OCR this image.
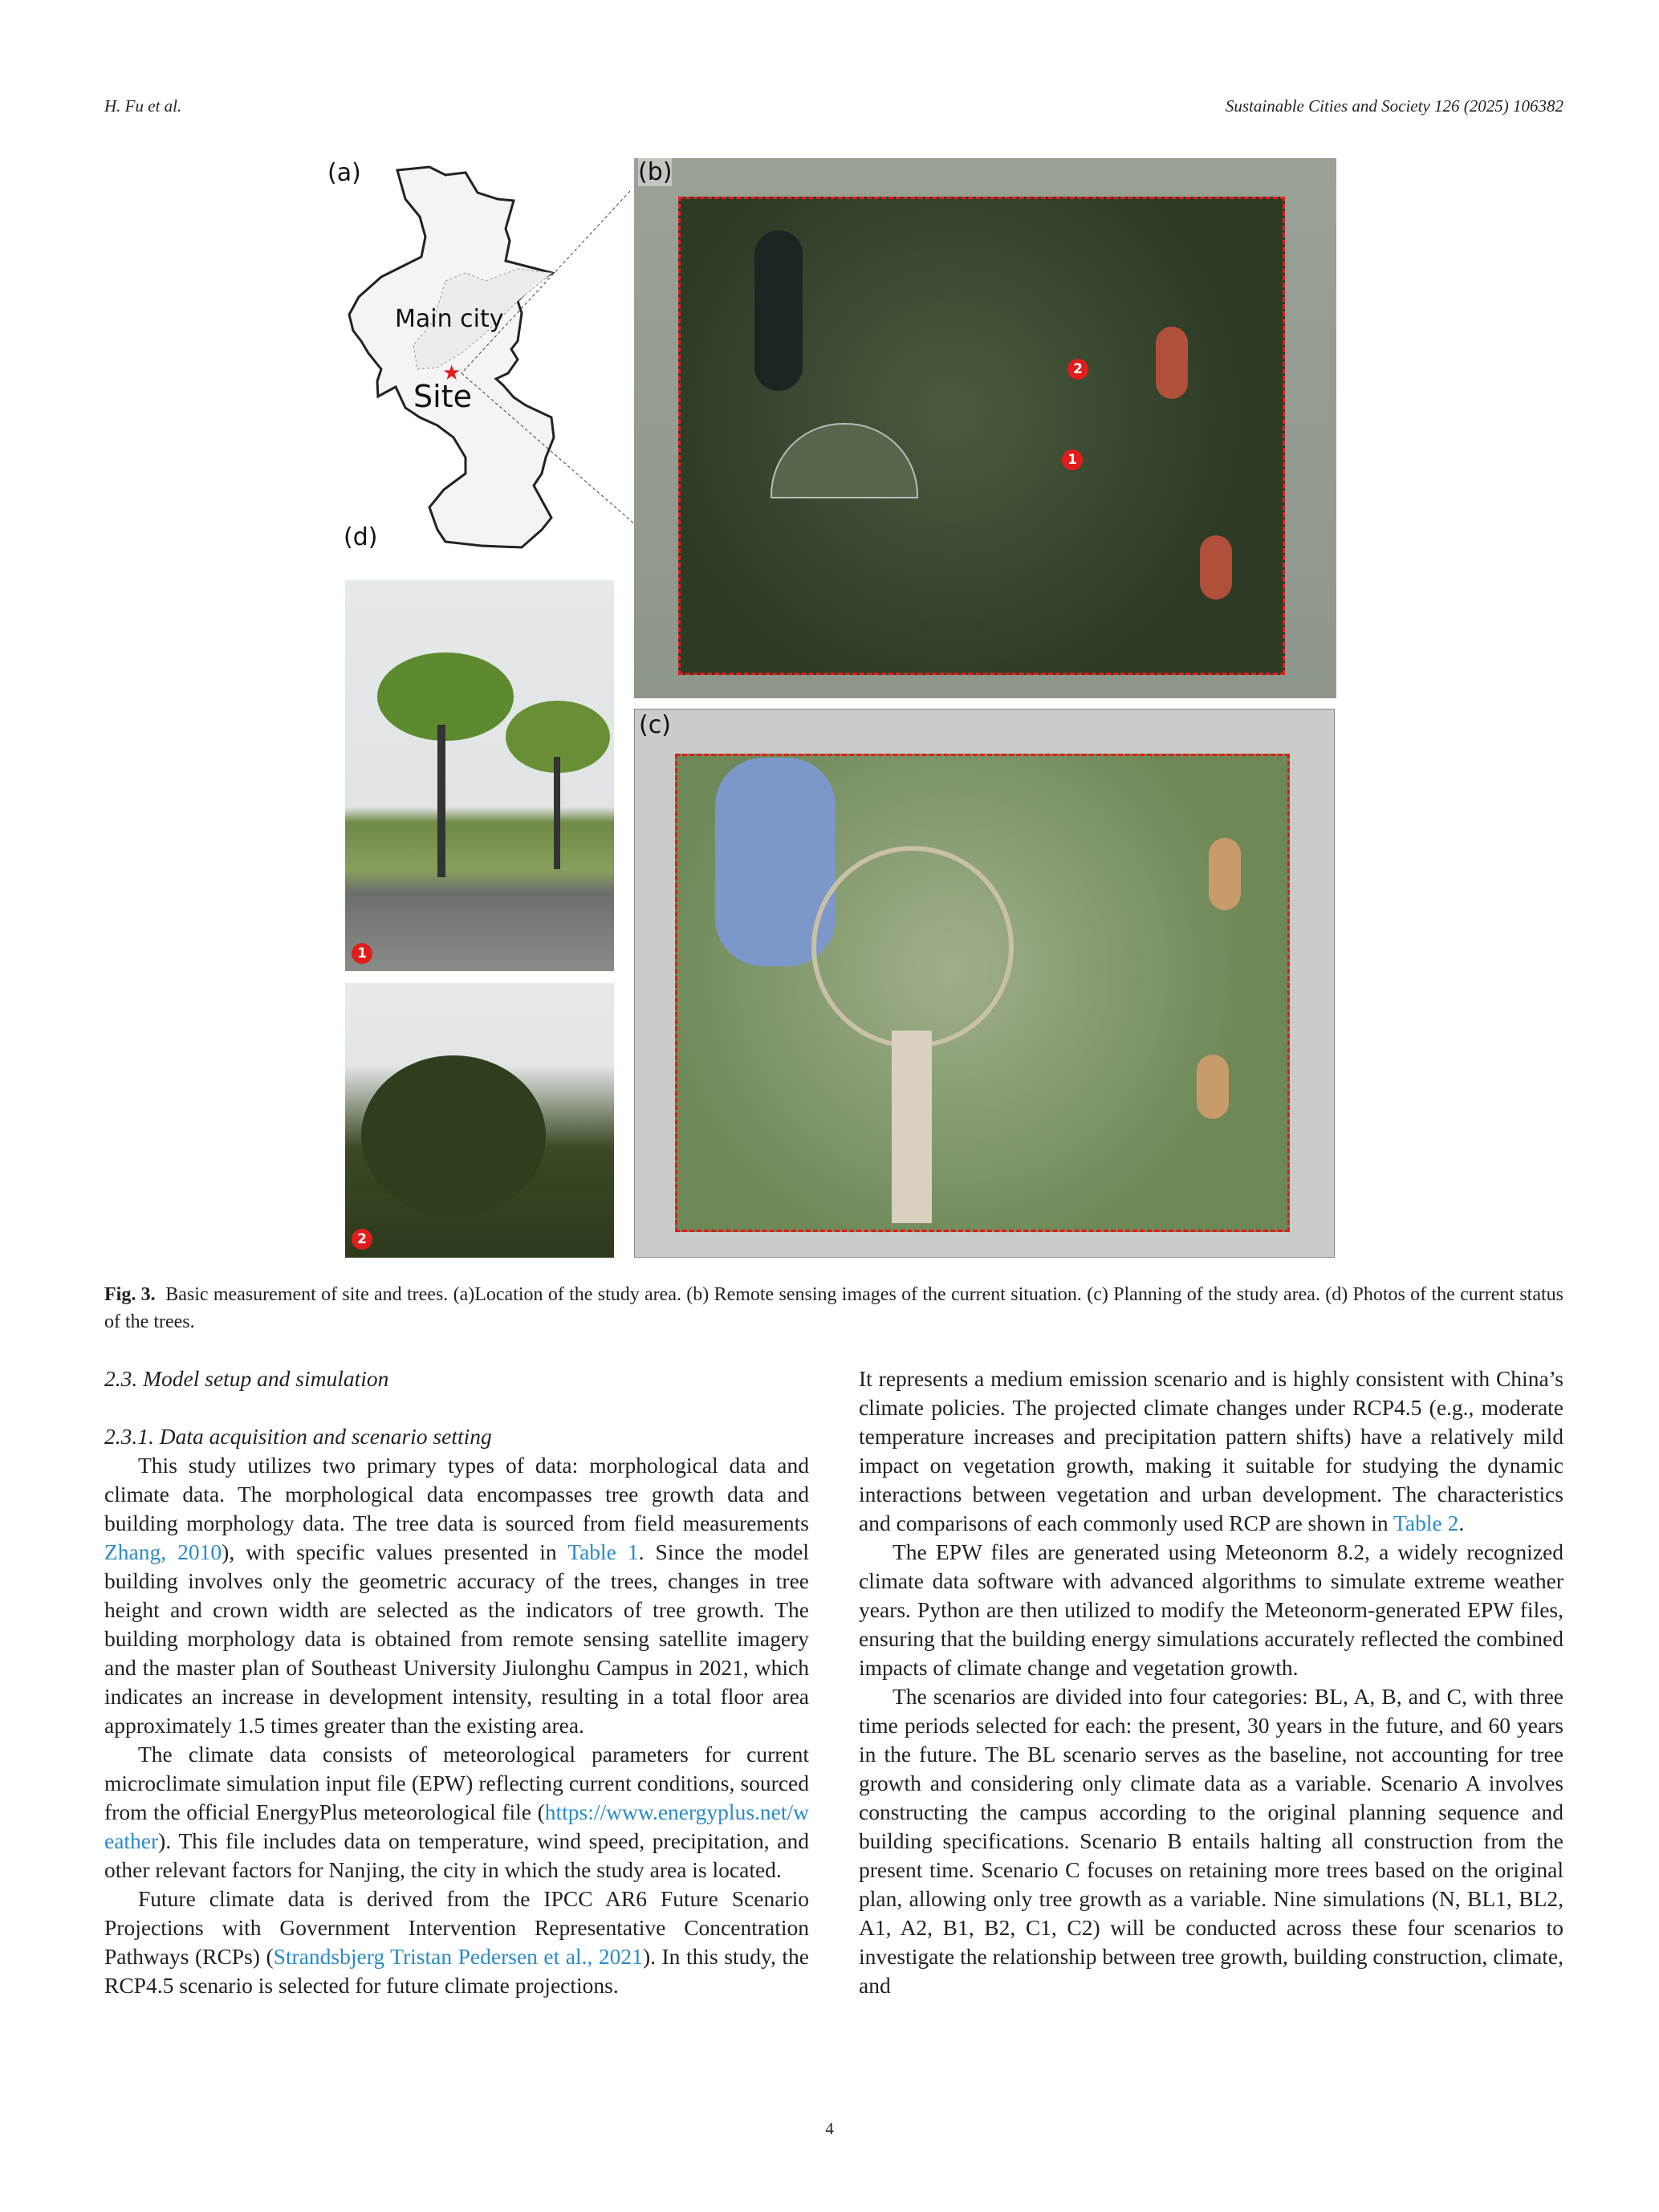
H. Fu et al.	Sustainable Cities and Society 126 (2025) 106382
(a)
Main city
★
Site
(d)
(b)
1
2
(c)
1
2
Fig. 3. Basic measurement of site and trees. (a)Location of the study area. (b) Remote sensing images of the current situation. (c) Planning of the study area. (d) Photos of the current status of the trees.
2.3. Model setup and simulation
2.3.1. Data acquisition and scenario setting

This study utilizes two primary types of data: morphological data and climate data. The morphological data encompasses tree growth data and building morphology data. The tree data is sourced from field measurements Zhang, 2010), with specific values presented in Table 1. Since the model building involves only the geometric accuracy of the trees, changes in tree height and crown width are selected as the indicators of tree growth. The building morphology data is obtained from remote sensing satellite imagery and the master plan of Southeast University Jiulonghu Campus in 2021, which indicates an increase in development intensity, resulting in a total floor area approximately 1.5 times greater than the existing area.

The climate data consists of meteorological parameters for current microclimate simulation input file (EPW) reflecting current conditions, sourced from the official EnergyPlus meteorological file (https://www.energyplus.net/weather). This file includes data on temperature, wind speed, precipitation, and other relevant factors for Nanjing, the city in which the study area is located.

Future climate data is derived from the IPCC AR6 Future Scenario Projections with Government Intervention Representative Concentration Pathways (RCPs) (Strandsbjerg Tristan Pedersen et al., 2021). In this study, the RCP4.5 scenario is selected for future climate projections.

It represents a medium emission scenario and is highly consistent with China’s climate policies. The projected climate changes under RCP4.5 (e.g., moderate temperature increases and precipitation pattern shifts) have a relatively mild impact on vegetation growth, making it suitable for studying the dynamic interactions between vegetation and urban development. The characteristics and comparisons of each commonly used RCP are shown in Table 2.

The EPW files are generated using Meteonorm 8.2, a widely recognized climate data software with advanced algorithms to simulate extreme weather years. Python are then utilized to modify the Meteonorm-generated EPW files, ensuring that the building energy simulations accurately reflected the combined impacts of climate change and vegetation growth.

The scenarios are divided into four categories: BL, A, B, and C, with three time periods selected for each: the present, 30 years in the future, and 60 years in the future. The BL scenario serves as the baseline, not accounting for tree growth and considering only climate data as a variable. Scenario A involves constructing the campus according to the original planning sequence and building specifications. Scenario B entails halting all construction from the present time. Scenario C focuses on retaining more trees based on the original plan, allowing only tree growth as a variable. Nine simulations (N, BL1, BL2, A1, A2, B1, B2, C1, C2) will be conducted across these four scenarios to investigate the relationship between tree growth, building construction, climate, and

4
